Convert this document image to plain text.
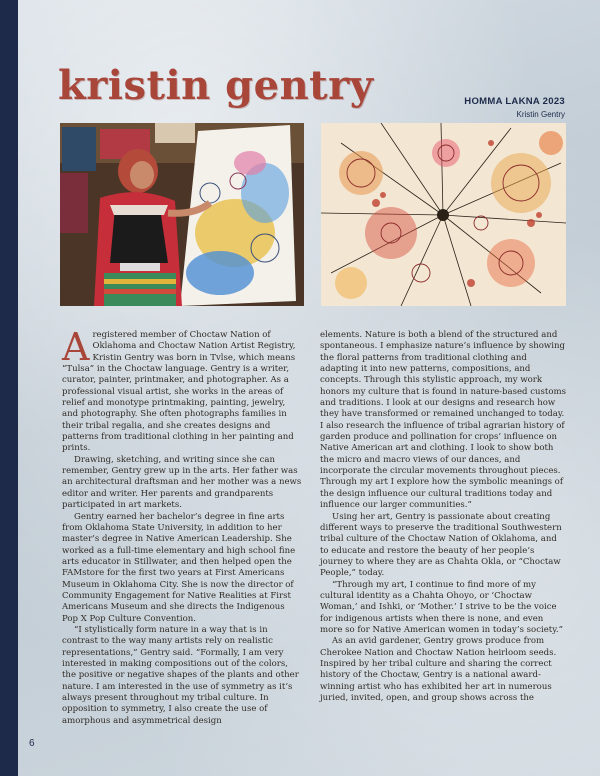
kristin gentry	HOMMA LAKNA 2023
Kristin Gentry

Aregistered member of Choctaw Nation of Oklahoma and Choctaw Nation Artist Registry, Kristin Gentry was born in Tvlse, which means “Tulsa” in the Choctaw language. Gentry is a writer, curator, painter, printmaker, and photographer. As a professional visual artist, she works in the areas of relief and monotype printmaking, painting, jewelry, and photography. She often photographs families in their tribal regalia, and she creates designs and patterns from traditional clothing in her painting and prints.

Drawing, sketching, and writing since she can remember, Gentry grew up in the arts. Her father was an architectural draftsman and her mother was a news editor and writer. Her parents and grandparents participated in art markets.

Gentry earned her bachelor’s degree in fine arts from Oklahoma State University, in addition to her master’s degree in Native American Leadership. She worked as a full-time elementary and high school fine arts educator in Stillwater, and then helped open the FAMstore for the first two years at First Americans Museum in Oklahoma City. She is now the director of Community Engagement for Native Realities at First Americans Museum and she directs the Indigenous Pop X Pop Culture Convention.

“I stylistically form nature in a way that is in contrast to the way many artists rely on realistic representations,” Gentry said. “Formally, I am very interested in making compositions out of the colors, the positive or negative shapes of the plants and other nature. I am interested in the use of symmetry as it’s always present throughout my tribal culture. In opposition to symmetry, I also create the use of amorphous and asymmetrical design

elements. Nature is both a blend of the structured and spontaneous. I emphasize nature’s influence by showing the floral patterns from traditional clothing and adapting it into new patterns, compositions, and concepts. Through this stylistic approach, my work honors my culture that is found in nature-based customs and traditions. I look at our designs and research how they have transformed or remained unchanged to today. I also research the influence of tribal agrarian history of garden produce and pollination for crops’ influence on Native American art and clothing. I look to show both the micro and macro views of our dances, and incorporate the circular movements throughout pieces. Through my art I explore how the symbolic meanings of the design influence our cultural traditions today and influence our larger communities.”

Using her art, Gentry is passionate about creating different ways to preserve the traditional Southwestern tribal culture of the Choctaw Nation of Oklahoma, and to educate and restore the beauty of her people’s journey to where they are as Chahta Okla, or “Choctaw People,” today.

“Through my art, I continue to find more of my cultural identity as a Chahta Ohoyo, or ‘Choctaw Woman,’ and Ishki, or ‘Mother.’ I strive to be the voice for indigenous artists when there is none, and even more so for Native American women in today’s society.”

As an avid gardener, Gentry grows produce from Cherokee Nation and Choctaw Nation heirloom seeds. Inspired by her tribal culture and sharing the correct history of the Choctaw, Gentry is a national award-winning artist who has exhibited her art in numerous juried, invited, open, and group shows across the

6
